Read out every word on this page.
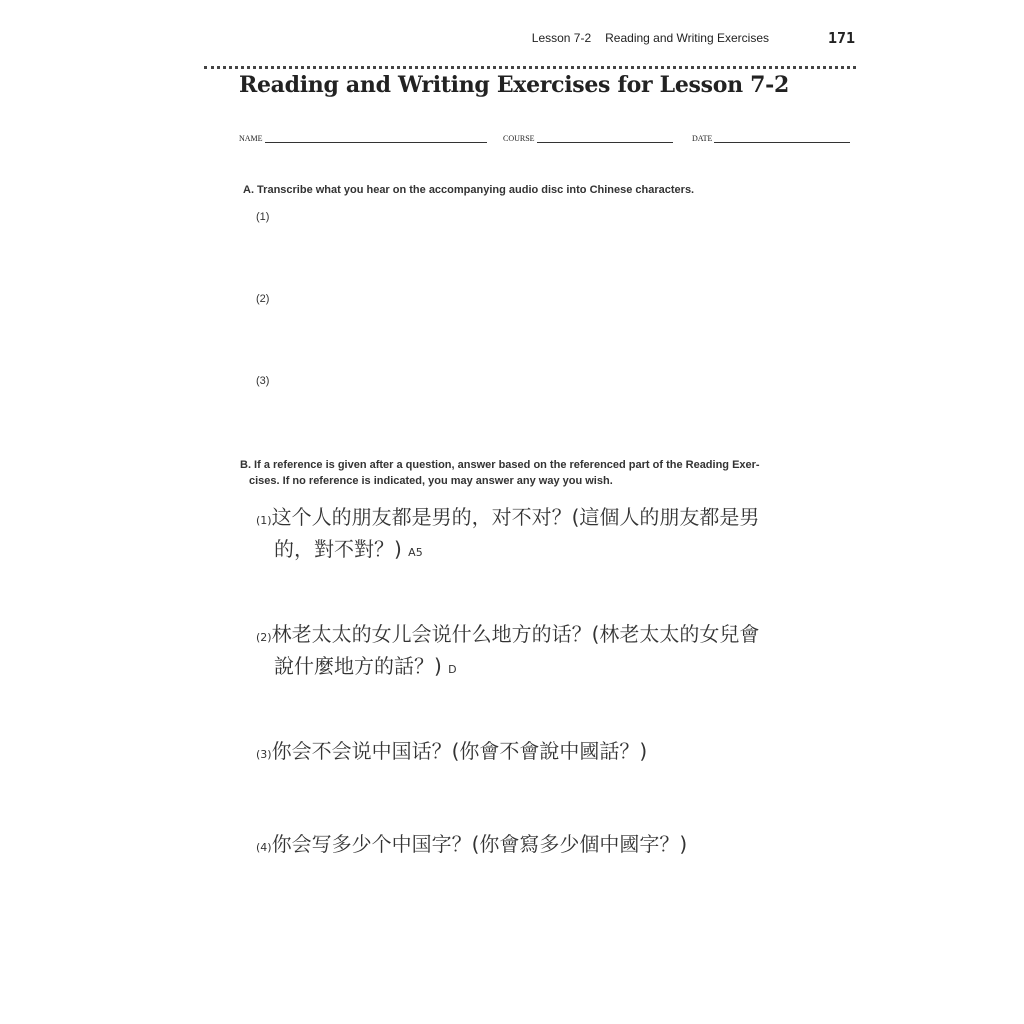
Lesson 7-2 Reading and Writing Exercises	171
Reading and Writing Exercises for Lesson 7-2
NAME	COURSE	DATE
A. Transcribe what you hear on the accompanying audio disc into Chinese characters.
(1)
(2)
(3)
B. If a reference is given after a question, answer based on the referenced part of the Reading Exer-
cises. If no reference is indicated, you may answer any way you wish.
(1)这个人的朋友都是男的，对不对？(這個人的朋友都是男
的，對不對？) A5
(2)林老太太的女儿会说什么地方的话？(林老太太的女兒會
說什麼地方的話？) D
(3)你会不会说中国话？(你會不會說中國話？)
(4)你会写多少个中国字？(你會寫多少個中國字？)
